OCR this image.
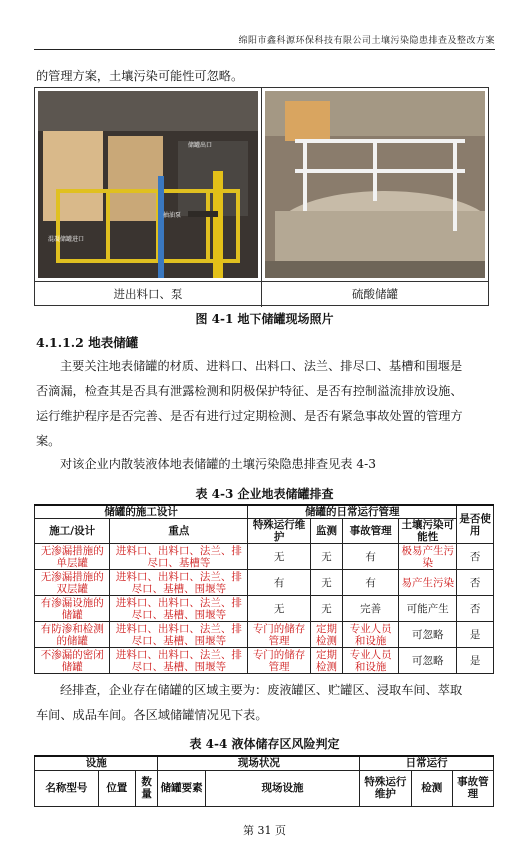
绵阳市鑫科源环保科技有限公司土壤污染隐患排查及整改方案
的管理方案，土壤污染可能性可忽略。
储罐出口
抽油泵
混凝储罐进口
进出料口、泵	硫酸储罐
图 4-1 地下储罐现场照片
4.1.1.2 地表储罐
主要关注地表储罐的材质、进料口、出料口、法兰、排尽口、基槽和围堰是
否滴漏，检查其是否具有泄露检测和阴极保护特征、是否有控制溢流排放设施、
运行维护程序是否完善、是否有进行过定期检测、是否有紧急事故处置的管理方
案。
对该企业内散装液体地表储罐的土壤污染隐患排查见表 4-3
表 4-3 企业地表储罐排查
储罐的施工设计		储罐的日常运行管理				是否使用
施工/设计	重点	特殊运行维护	监测	事故管理	土壤污染可能性	
无渗漏措施的单层罐	进料口、出料口、法兰、排尽口、基槽等	无	无	有	极易产生污染	否
无渗漏措施的双层罐	进料口、出料口、法兰、排尽口、基槽、围堰等	有	无	有	易产生污染	否
有渗漏设施的储罐	进料口、出料口、法兰、排尽口、基槽、围堰等	无	无	完善	可能产生	否
有防渗和检测的储罐	进料口、出料口、法兰、排尽口、基槽、围堰等	专门的储存管理	定期检测	专业人员和设施	可忽略	是
不渗漏的密闭储罐	进料口、出料口、法兰、排尽口、基槽、围堰等	专门的储存管理	定期检测	专业人员和设施	可忽略	是
经排查，企业存在储罐的区域主要为：废液罐区、贮罐区、浸取车间、萃取
车间、成品车间。各区域储罐情况见下表。
表 4-4 液体储存区风险判定
设施			现场状况		日常运行		
名称型号	位置	数量	储罐要素	现场设施	特殊运行维护	检测	事故管理
第 31 页
